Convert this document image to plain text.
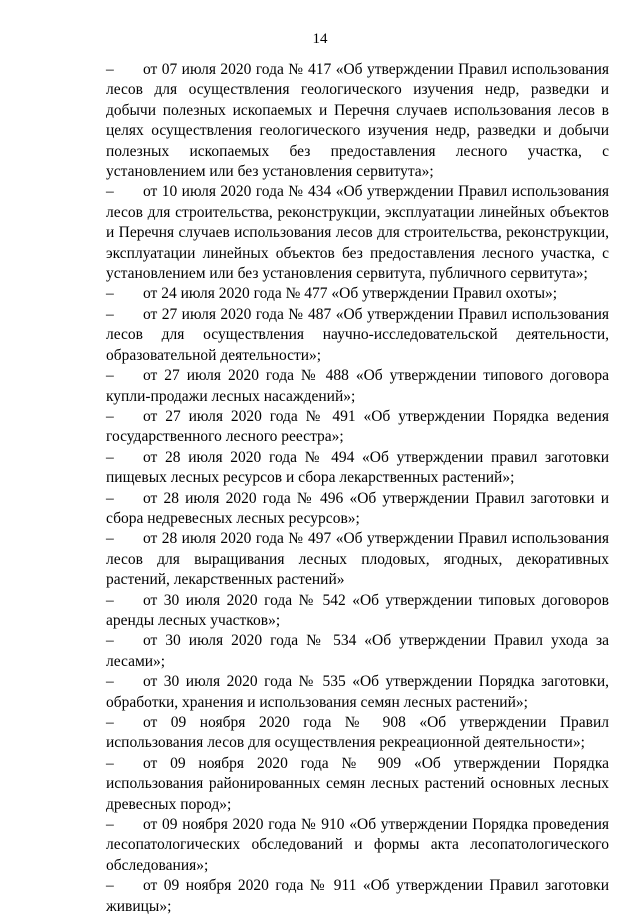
14

–от 07 июля 2020 года № 417 «Об утверждении Правил использования лесов для осуществления геологического изучения недр, разведки и добычи полезных ископаемых и Перечня случаев использования лесов в целях осуществления геологического изучения недр, разведки и добычи полезных ископаемых без предоставления лесного участка, с установлением или без установления сервитута»;

–от 10 июля 2020 года № 434 «Об утверждении Правил использования лесов для строительства, реконструкции, эксплуатации линейных объектов и Перечня случаев использования лесов для строительства, реконструкции, эксплуатации линейных объектов без предоставления лесного участка, с установлением или без установления сервитута, публичного сервитута»;

–от 24 июля 2020 года № 477 «Об утверждении Правил охоты»;

–от 27 июля 2020 года № 487 «Об утверждении Правил использования лесов для осуществления научно-исследовательской деятельности, образовательной деятельности»;

–от 27 июля 2020 года № 488 «Об утверждении типового договора купли-продажи лесных насаждений»;

–от 27 июля 2020 года № 491 «Об утверждении Порядка ведения государственного лесного реестра»;

–от 28 июля 2020 года № 494 «Об утверждении правил заготовки пищевых лесных ресурсов и сбора лекарственных растений»;

–от 28 июля 2020 года № 496 «Об утверждении Правил заготовки и сбора недревесных лесных ресурсов»;

–от 28 июля 2020 года № 497 «Об утверждении Правил использования лесов для выращивания лесных плодовых, ягодных, декоративных растений, лекарственных растений»

–от 30 июля 2020 года № 542 «Об утверждении типовых договоров аренды лесных участков»;

–от 30 июля 2020 года № 534 «Об утверждении Правил ухода за лесами»;

–от 30 июля 2020 года № 535 «Об утверждении Порядка заготовки, обработки, хранения и использования семян лесных растений»;

–от 09 ноября 2020 года № 908 «Об утверждении Правил использования лесов для осуществления рекреационной деятельности»;

–от 09 ноября 2020 года № 909 «Об утверждении Порядка использования районированных семян лесных растений основных лесных древесных пород»;

–от 09 ноября 2020 года № 910 «Об утверждении Порядка проведения лесопатологических обследований и формы акта лесопатологического обследования»;

–от 09 ноября 2020 года № 911 «Об утверждении Правил заготовки живицы»;
